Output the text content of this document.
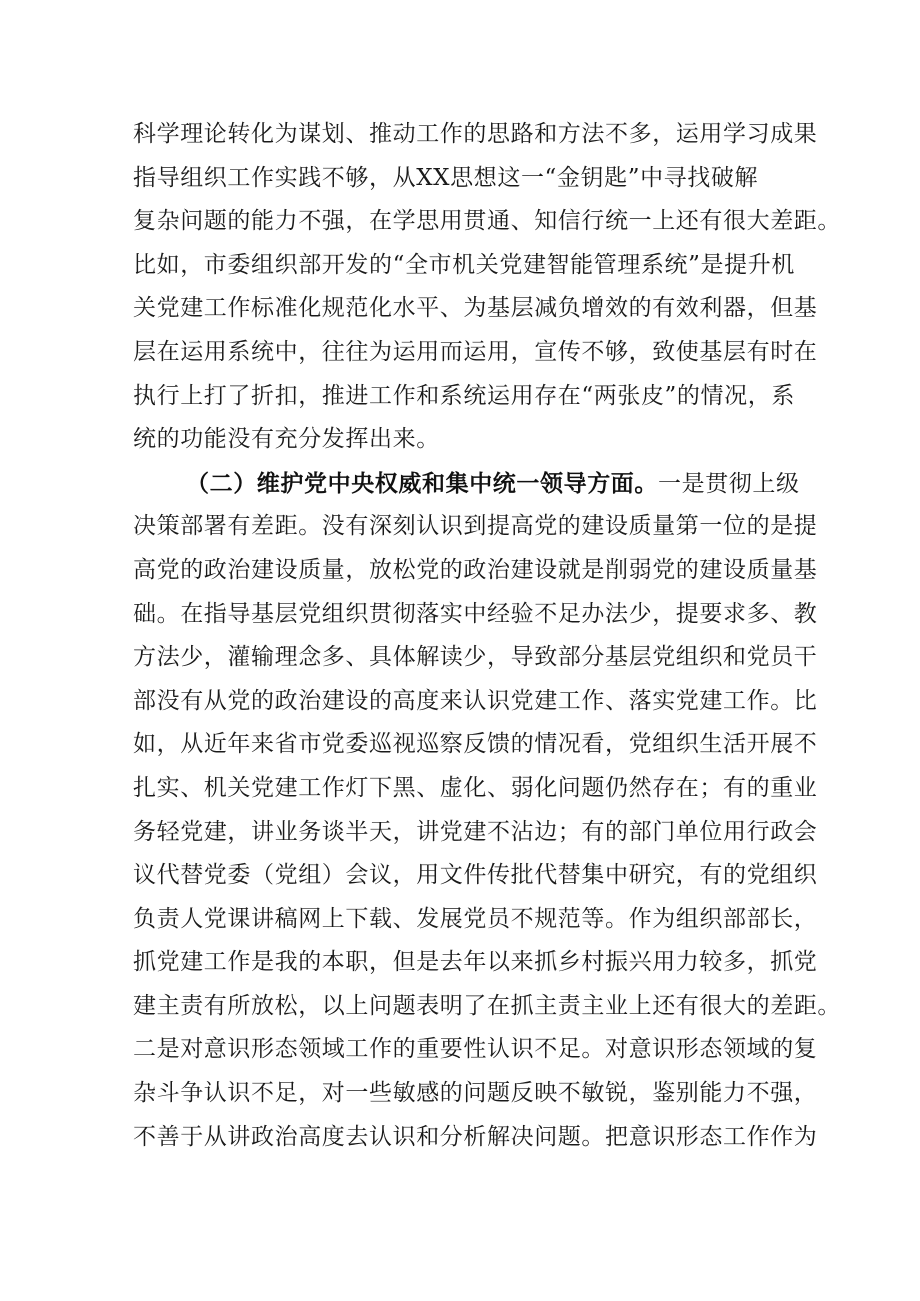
科学理论转化为谋划、推动工作的思路和方法不多，运用学习成果
指导组织工作实践不够，从XX思想这一“金钥匙”中寻找破解
复杂问题的能力不强，在学思用贯通、知信行统一上还有很大差距。
比如，市委组织部开发的“全市机关党建智能管理系统”是提升机
关党建工作标准化规范化水平、为基层减负增效的有效利器，但基
层在运用系统中，往往为运用而运用，宣传不够，致使基层有时在
执行上打了折扣，推进工作和系统运用存在“两张皮”的情况，系
统的功能没有充分发挥出来。
（二）维护党中央权威和集中统一领导方面。一是贯彻上级
决策部署有差距。没有深刻认识到提高党的建设质量第一位的是提
高党的政治建设质量，放松党的政治建设就是削弱党的建设质量基
础。在指导基层党组织贯彻落实中经验不足办法少，提要求多、教
方法少，灌输理念多、具体解读少，导致部分基层党组织和党员干
部没有从党的政治建设的高度来认识党建工作、落实党建工作。比
如，从近年来省市党委巡视巡察反馈的情况看，党组织生活开展不
扎实、机关党建工作灯下黑、虚化、弱化问题仍然存在；有的重业
务轻党建，讲业务谈半天，讲党建不沾边；有的部门单位用行政会
议代替党委（党组）会议，用文件传批代替集中研究，有的党组织
负责人党课讲稿网上下载、发展党员不规范等。作为组织部部长，
抓党建工作是我的本职，但是去年以来抓乡村振兴用力较多，抓党
建主责有所放松，以上问题表明了在抓主责主业上还有很大的差距。
二是对意识形态领域工作的重要性认识不足。对意识形态领域的复
杂斗争认识不足，对一些敏感的问题反映不敏锐，鉴别能力不强，
不善于从讲政治高度去认识和分析解决问题。把意识形态工作作为
